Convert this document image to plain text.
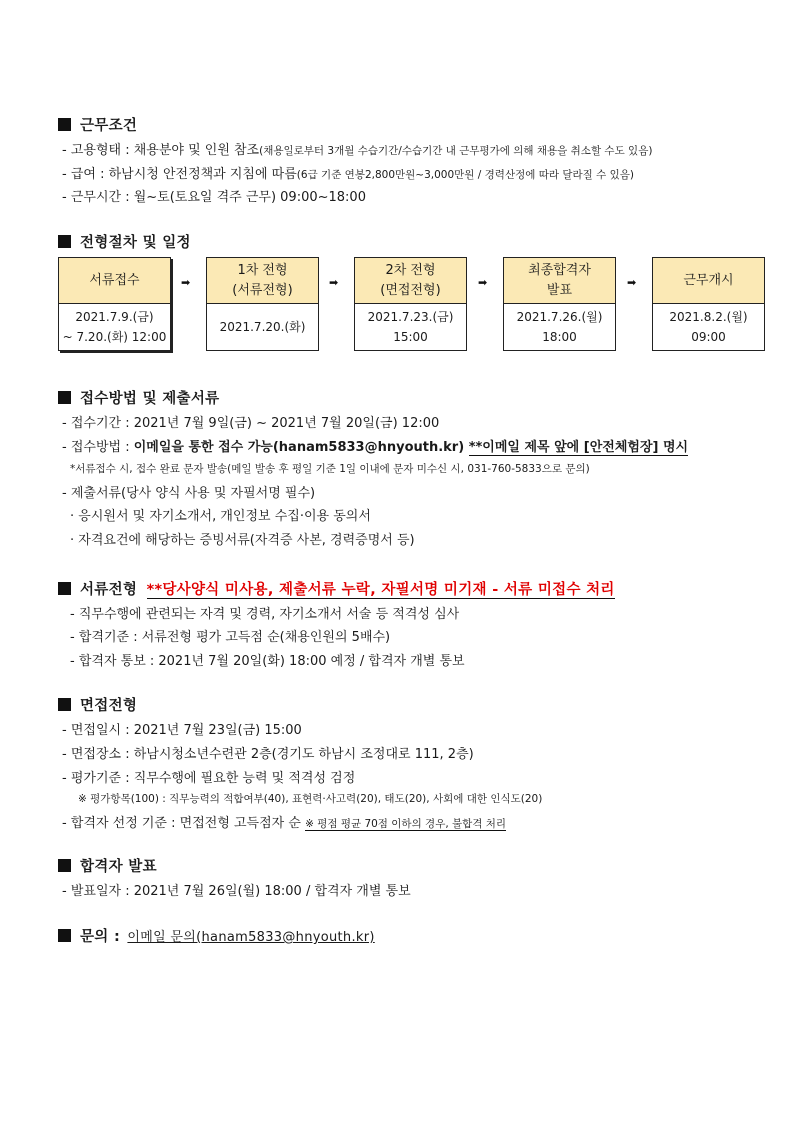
근무조건
- 고용형태 : 채용분야 및 인원 참조(채용일로부터 3개월 수습기간/수습기간 내 근무평가에 의해 채용을 취소할 수도 있음)
- 급여 : 하남시청 안전정책과 지침에 따름(6급 기준 연봉2,800만원~3,000만원 / 경력산정에 따라 달라질 수 있음)
- 근무시간 : 월~토(토요일 격주 근무) 09:00~18:00
전형절차 및 일정
서류접수
2021.7.9.(금)
~ 7.20.(화) 12:00
➡
1차 전형
(서류전형)
2021.7.20.(화)
➡
2차 전형
(면접전형)
2021.7.23.(금)
15:00
➡
최종합격자
발표
2021.7.26.(월)
18:00
➡	근무개시
2021.8.2.(월)
09:00
접수방법 및 제출서류
- 접수기간 : 2021년 7월 9일(금) ~ 2021년 7월 20일(금) 12:00
- 접수방법 : 이메일을 통한 접수 가능(hanam5833@hnyouth.kr) **이메일 제목 앞에 [안전체험장] 명시
*서류접수 시, 접수 완료 문자 발송(메일 발송 후 평일 기준 1일 이내에 문자 미수신 시, 031-760-5833으로 문의)
- 제출서류(당사 양식 사용 및 자필서명 필수)
· 응시원서 및 자기소개서, 개인정보 수집·이용 동의서
· 자격요건에 해당하는 증빙서류(자격증 사본, 경력증명서 등)
서류전형 **당사양식 미사용, 제출서류 누락, 자필서명 미기재 - 서류 미접수 처리
- 직무수행에 관련되는 자격 및 경력, 자기소개서 서술 등 적격성 심사
- 합격기준 : 서류전형 평가 고득점 순(채용인원의 5배수)
- 합격자 통보 : 2021년 7월 20일(화) 18:00 예정 / 합격자 개별 통보
면접전형
- 면접일시 : 2021년 7월 23일(금) 15:00
- 면접장소 : 하남시청소년수련관 2층(경기도 하남시 조정대로 111, 2층)
- 평가기준 : 직무수행에 필요한 능력 및 적격성 검정
※ 평가항목(100) : 직무능력의 적합여부(40), 표현력·사고력(20), 태도(20), 사회에 대한 인식도(20)
- 합격자 선정 기준 : 면접전형 고득점자 순 ※ 평점 평균 70점 이하의 경우, 불합격 처리
합격자 발표
- 발표일자 : 2021년 7월 26일(월) 18:00 / 합격자 개별 통보
문의 : 이메일 문의(hanam5833@hnyouth.kr)
